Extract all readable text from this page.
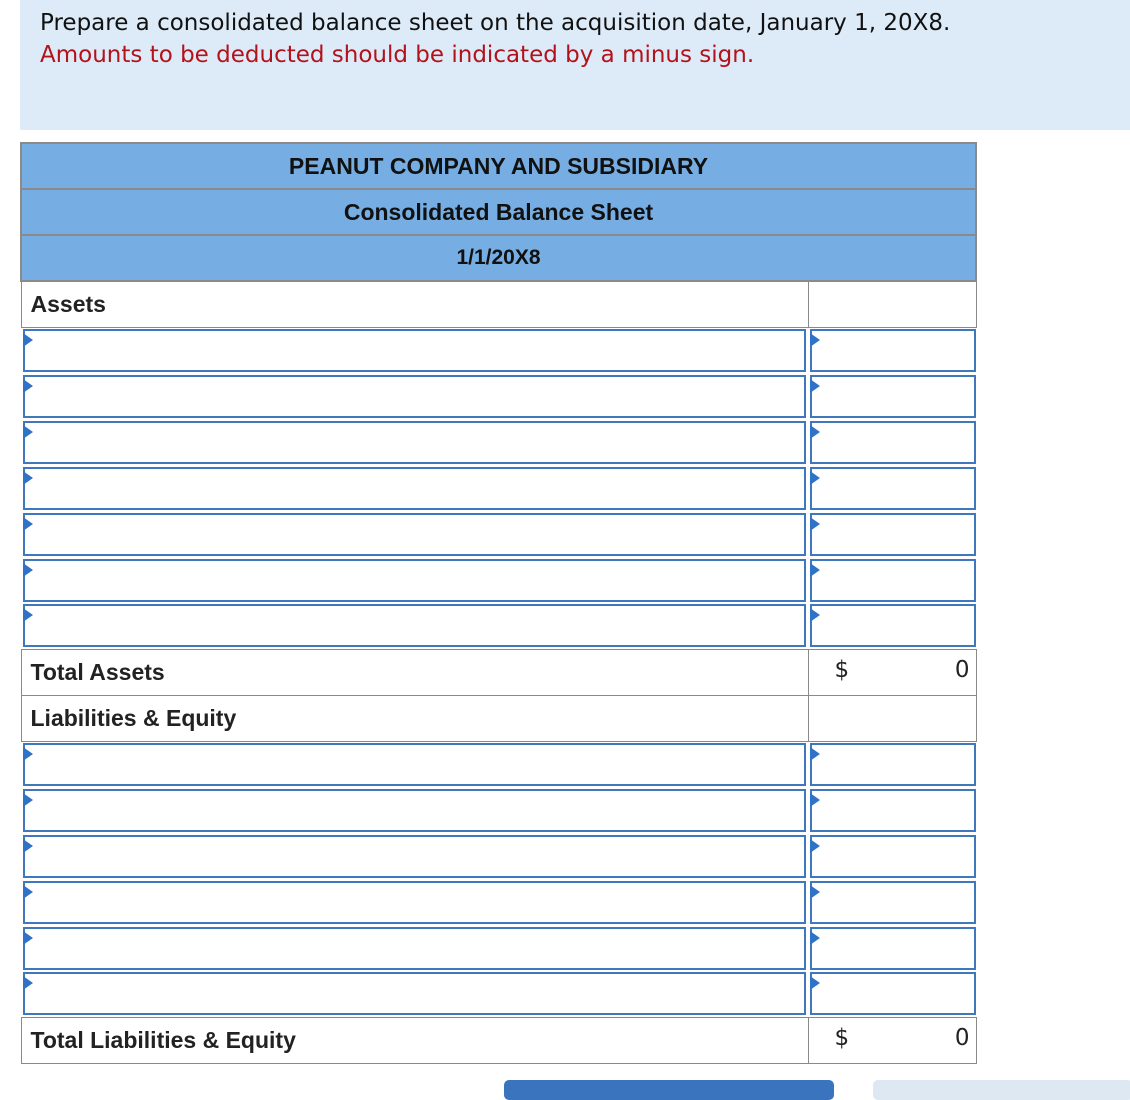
Prepare a consolidated balance sheet on the acquisition date, January 1, 20X8.
Amounts to be deducted should be indicated by a minus sign.
PEANUT COMPANY AND SUBSIDIARY	
Consolidated Balance Sheet	
1/1/20X8	
Assets	

Total Assets	$ 0

Liabilities & Equity	

Total Liabilities & Equity	$ 0
